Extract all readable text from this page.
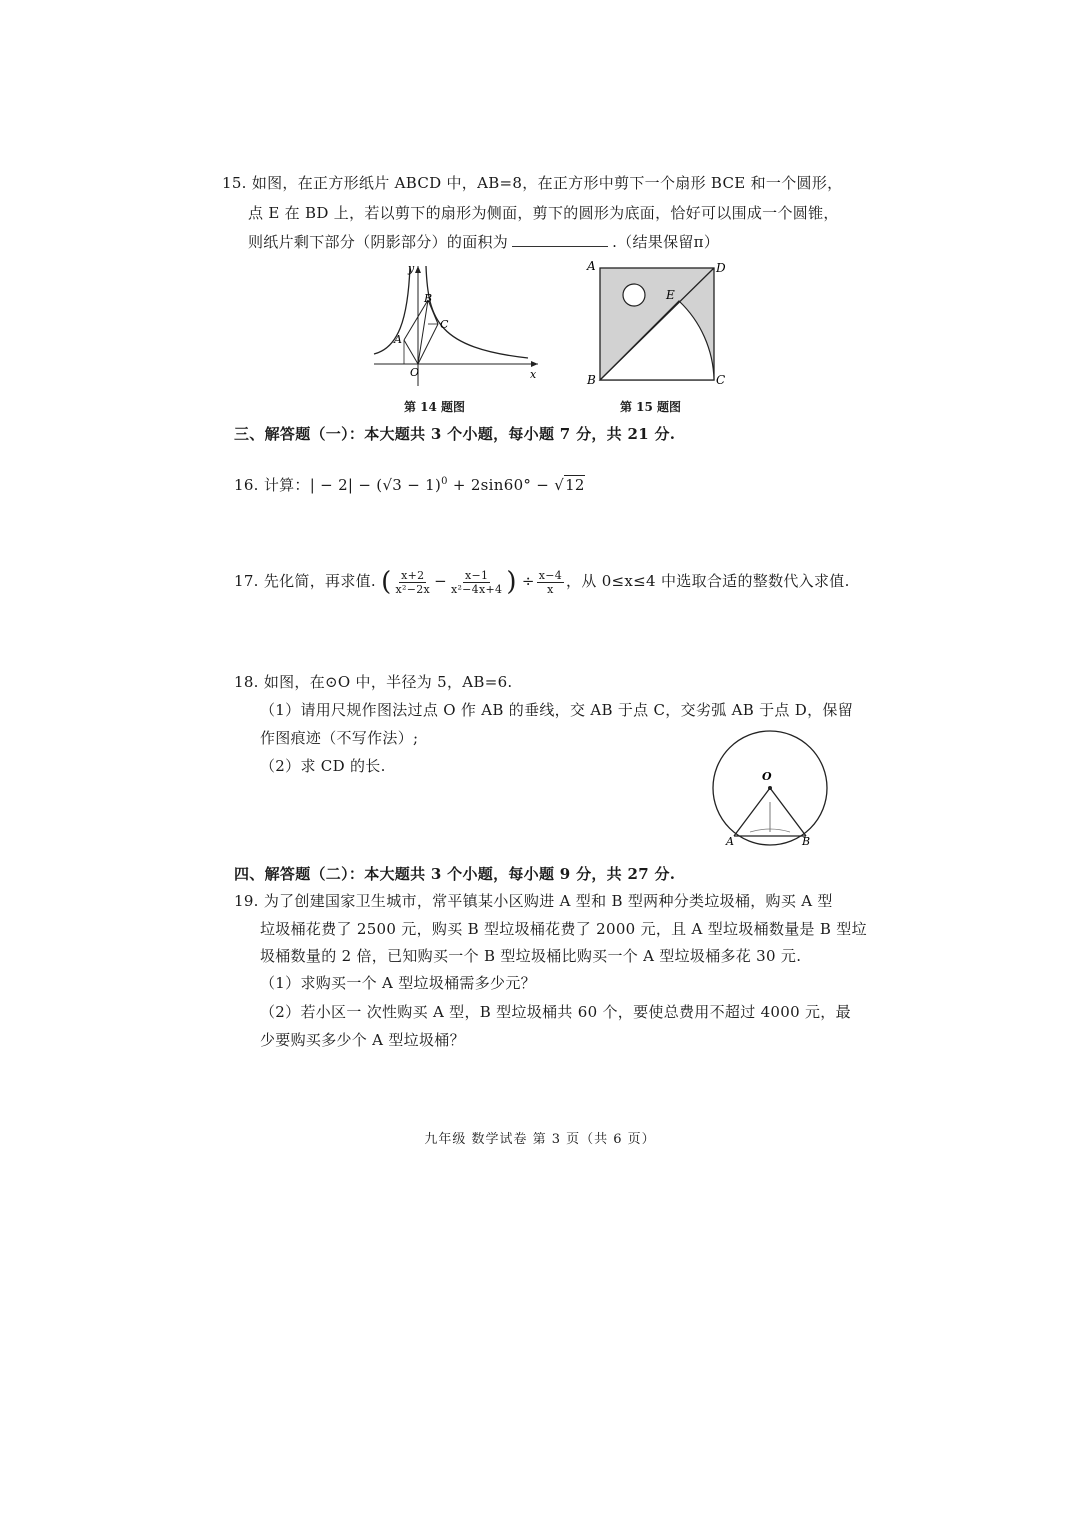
15. 如图，在正方形纸片 ABCD 中，AB=8，在正方形中剪下一个扇形 BCE 和一个圆形，
点 E 在 BD 上，若以剪下的扇形为侧面，剪下的圆形为底面，恰好可以围成一个圆锥，
则纸片剩下部分（阴影部分）的面积为	.（结果保留π）
y
x
O
A
B
C
第 14 题图
A	D
E
B	C
第 15 题图
三、解答题（一）：本大题共 3 个小题，每小题 7 分，共 21 分.
16. 计算：| − $2| - (√3 - 1)^0 + 2\sin 60^\circ - √12$
17. 先化简，再求值. ( $\frac{x+2}{\text{x²−2x}} - \frac{x-1}{\text{x²−4x+4}}$ ) ÷ $\frac{x-4}{x}$ ，从 0≤x≤4 中选取合适的整数代入求值.
18. 如图，在⊙O 中，半径为 5，AB=6.
（1）请用尺规作图法过点 O 作 AB 的垂线，交 AB 于点 C，交劣弧 AB 于点 D，保留
作图痕迹（不写作法）;
（2）求 CD 的长.
O
A	B
四、解答题（二）：本大题共 3 个小题，每小题 9 分，共 27 分.
19. 为了创建国家卫生城市，常平镇某小区购进 A 型和 B 型两种分类垃圾桶，购买 A 型
垃圾桶花费了 2500 元，购买 B 型垃圾桶花费了 2000 元，且 A 型垃圾桶数量是 B 型垃
圾桶数量的 2 倍，已知购买一个 B 型垃圾桶比购买一个 A 型垃圾桶多花 30 元.
（1）求购买一个 A 型垃圾桶需多少元？
（2）若小区一 次性购买 A 型，B 型垃圾桶共 60 个，要使总费用不超过 4000 元，最
少要购买多少个 A 型垃圾桶？
九年级 数学试卷 第 3 页（共 6 页）
